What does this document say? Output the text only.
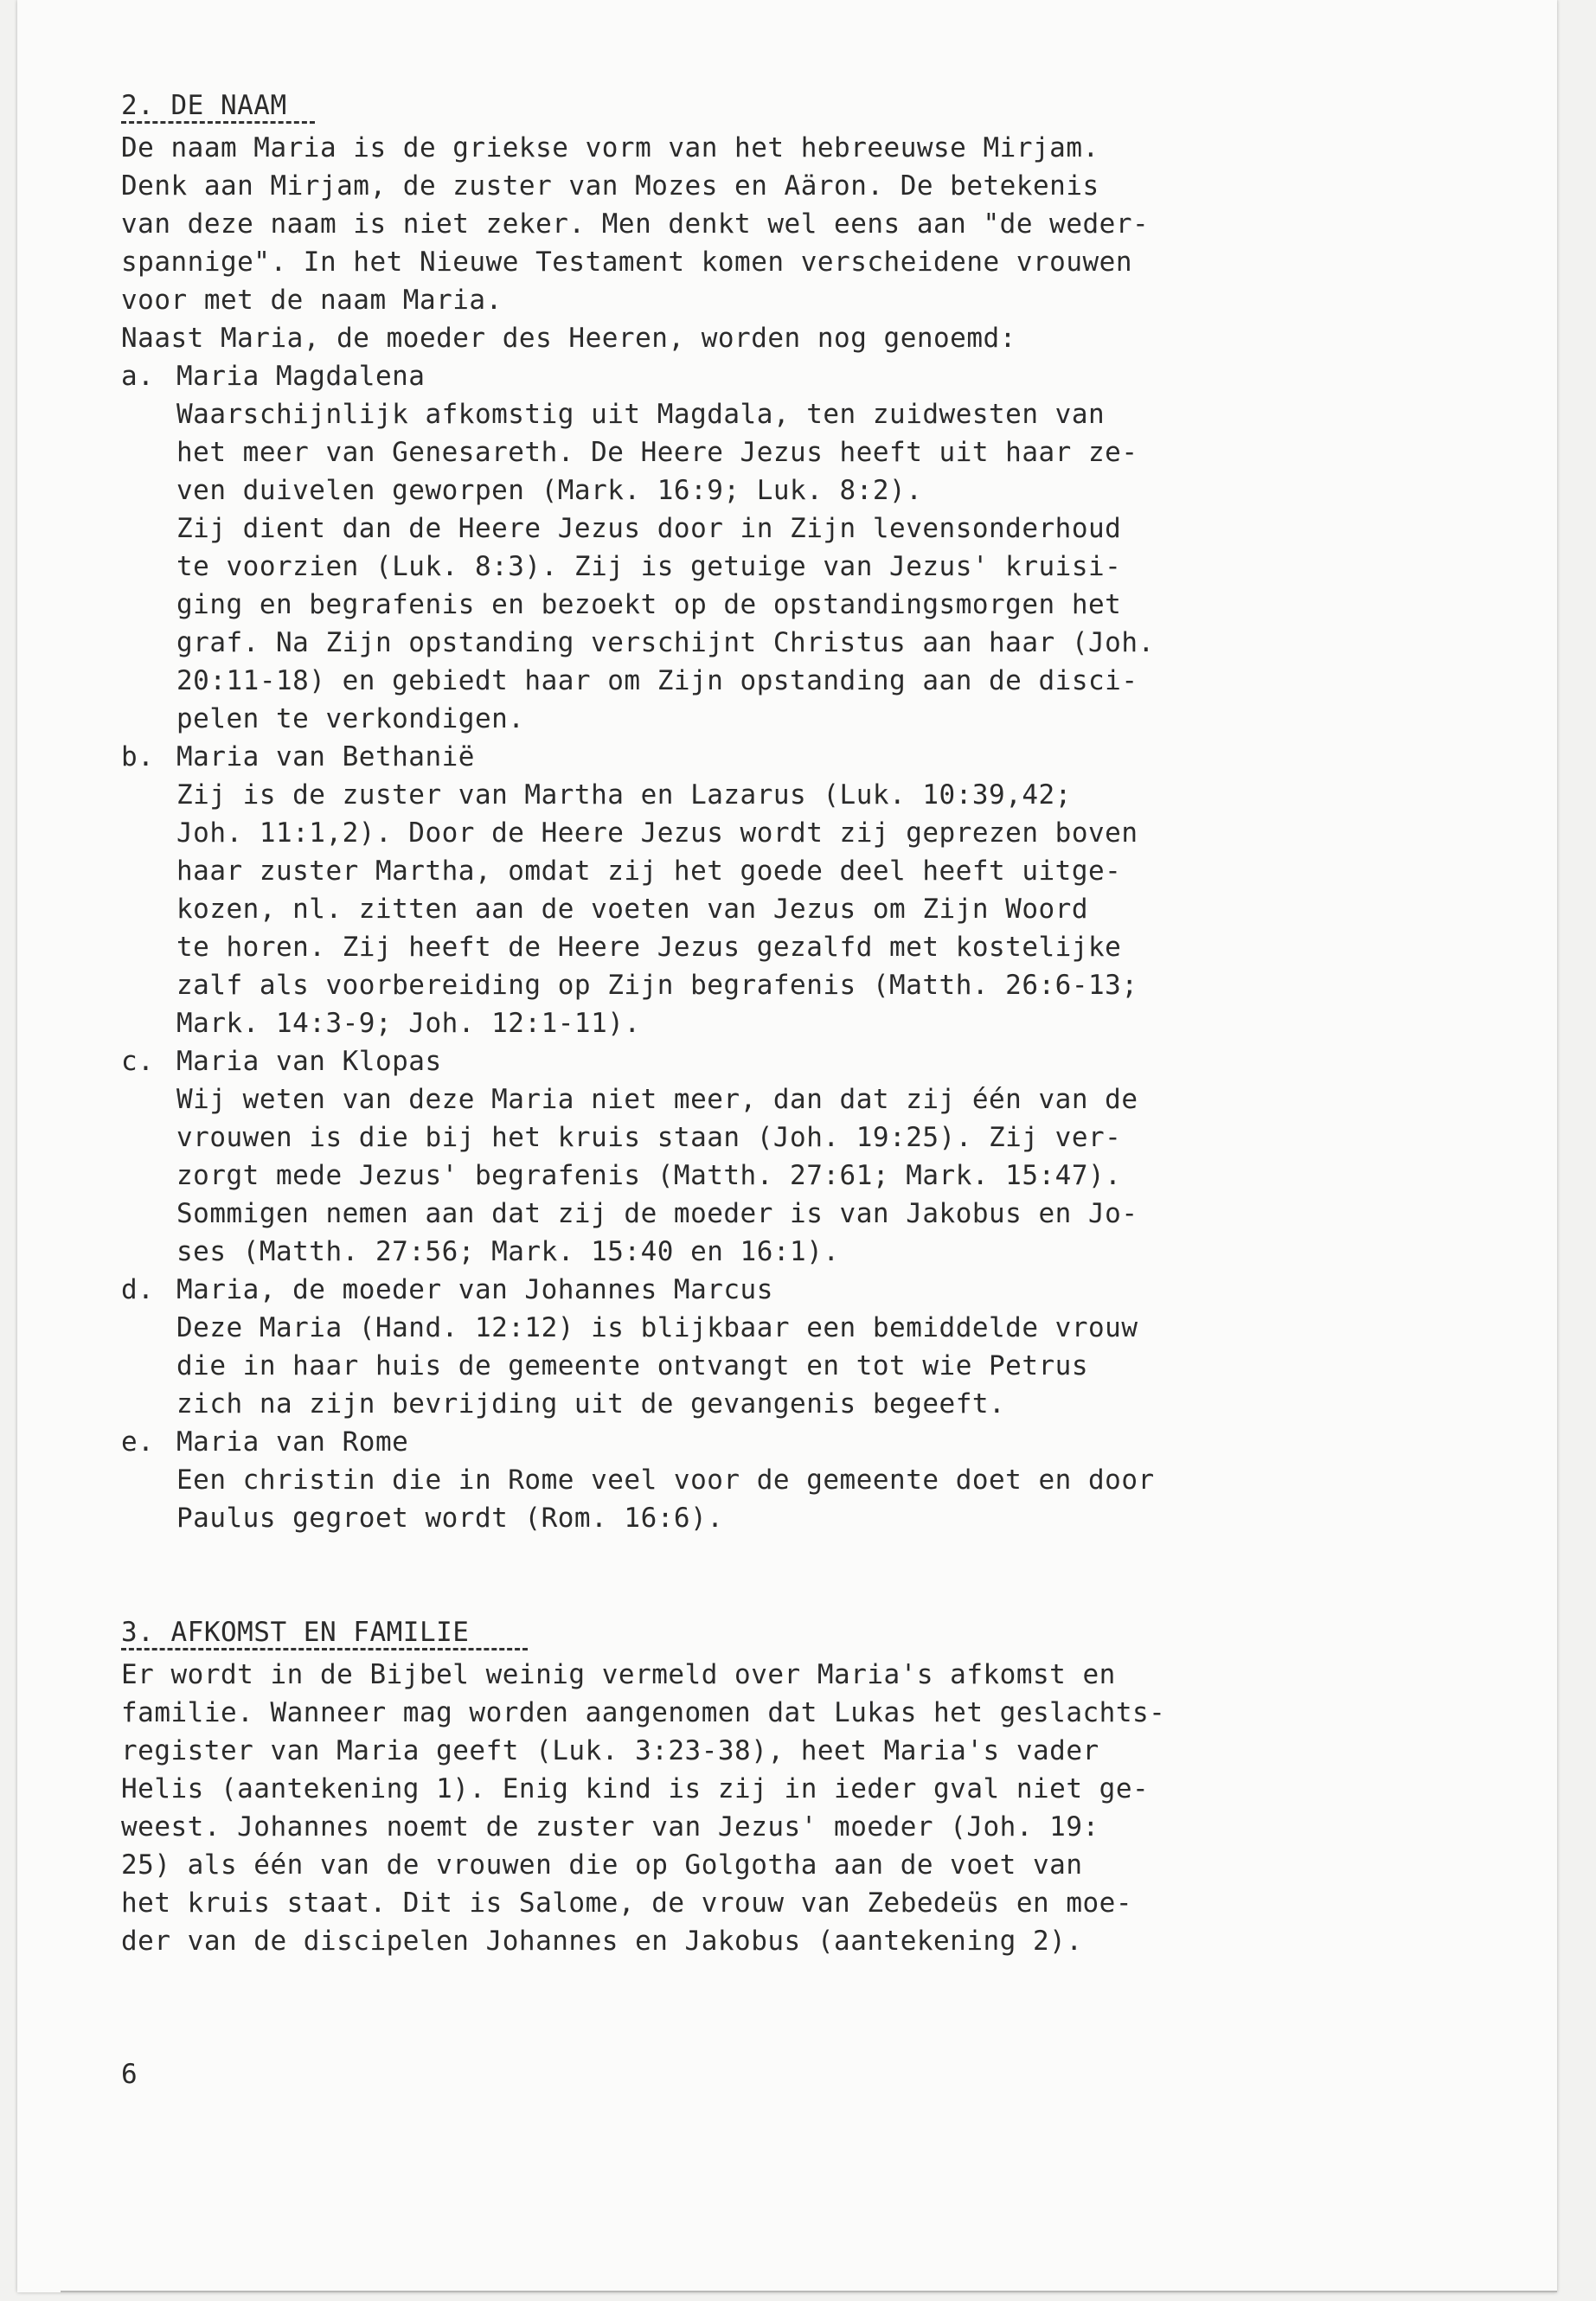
2. DE NAAM
De naam Maria is de griekse vorm van het hebreeuwse Mirjam.
Denk aan Mirjam, de zuster van Mozes en Aäron. De betekenis
van deze naam is niet zeker. Men denkt wel eens aan "de weder-
spannige". In het Nieuwe Testament komen verscheidene vrouwen
voor met de naam Maria.
Naast Maria, de moeder des Heeren, worden nog genoemd:
a. Maria Magdalena
Waarschijnlijk afkomstig uit Magdala, ten zuidwesten van
het meer van Genesareth. De Heere Jezus heeft uit haar ze-
ven duivelen geworpen (Mark. 16:9; Luk. 8:2).
Zij dient dan de Heere Jezus door in Zijn levensonderhoud
te voorzien (Luk. 8:3). Zij is getuige van Jezus' kruisi-
ging en begrafenis en bezoekt op de opstandingsmorgen het
graf. Na Zijn opstanding verschijnt Christus aan haar (Joh.
20:11-18) en gebiedt haar om Zijn opstanding aan de disci-
pelen te verkondigen.
b. Maria van Bethanië
Zij is de zuster van Martha en Lazarus (Luk. 10:39,42;
Joh. 11:1,2). Door de Heere Jezus wordt zij geprezen boven
haar zuster Martha, omdat zij het goede deel heeft uitge-
kozen, nl. zitten aan de voeten van Jezus om Zijn Woord
te horen. Zij heeft de Heere Jezus gezalfd met kostelijke
zalf als voorbereiding op Zijn begrafenis (Matth. 26:6-13;
Mark. 14:3-9; Joh. 12:1-11).
c. Maria van Klopas
Wij weten van deze Maria niet meer, dan dat zij één van de
vrouwen is die bij het kruis staan (Joh. 19:25). Zij ver-
zorgt mede Jezus' begrafenis (Matth. 27:61; Mark. 15:47).
Sommigen nemen aan dat zij de moeder is van Jakobus en Jo-
ses (Matth. 27:56; Mark. 15:40 en 16:1).
d. Maria, de moeder van Johannes Marcus
Deze Maria (Hand. 12:12) is blijkbaar een bemiddelde vrouw
die in haar huis de gemeente ontvangt en tot wie Petrus
zich na zijn bevrijding uit de gevangenis begeeft.
e. Maria van Rome
Een christin die in Rome veel voor de gemeente doet en door
Paulus gegroet wordt (Rom. 16:6).
3. AFKOMST EN FAMILIE
Er wordt in de Bijbel weinig vermeld over Maria's afkomst en
familie. Wanneer mag worden aangenomen dat Lukas het geslachts-
register van Maria geeft (Luk. 3:23-38), heet Maria's vader
Helis (aantekening 1). Enig kind is zij in ieder gval niet ge-
weest. Johannes noemt de zuster van Jezus' moeder (Joh. 19:
25) als één van de vrouwen die op Golgotha aan de voet van
het kruis staat. Dit is Salome, de vrouw van Zebedeüs en moe-
der van de discipelen Johannes en Jakobus (aantekening 2).
6
